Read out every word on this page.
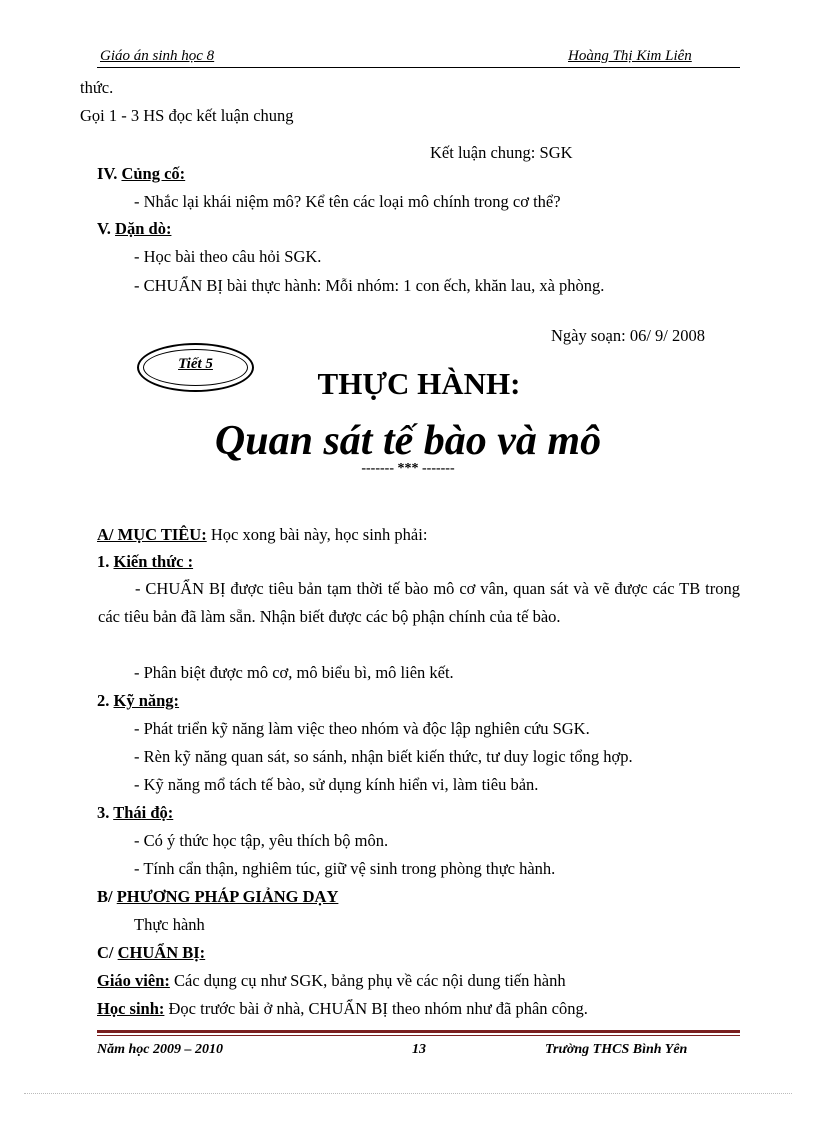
Giáo án sinh học 8	Hoàng Thị Kim Liên
thức.
Gọi 1 - 3 HS đọc kết luận chung
Kết luận chung: SGK
IV. Củng cố:
- Nhắc lại khái niệm mô? Kể tên các loại mô chính trong cơ thể?
V. Dặn dò:
- Học bài theo câu hỏi SGK.
- CHUẨN BỊ bài thực hành: Mỗi nhóm: 1 con ếch, khăn lau, xà phòng.
Ngày soạn: 06/ 9/ 2008
Tiết 5
THỰC HÀNH:
Quan sát tế bào và mô
------- *** -------
A/ MỤC TIÊU: Học xong bài này, học sinh phải:
1. Kiến thức :
- CHUẨN BỊ được tiêu bản tạm thời tế bào mô cơ vân, quan sát và vẽ được các TB trong các tiêu bản đã làm sẵn. Nhận biết được các bộ phận chính của tế bào.
- Phân biệt được mô cơ, mô biểu bì, mô liên kết.
2. Kỹ năng:
- Phát triển kỹ năng làm việc theo nhóm và độc lập nghiên cứu SGK.
- Rèn kỹ năng quan sát, so sánh, nhận biết kiến thức, tư duy logic tổng hợp.
- Kỹ năng mổ tách tế bào, sử dụng kính hiển vi, làm tiêu bản.
3. Thái độ:
- Có ý thức học tập, yêu thích bộ môn.
- Tính cẩn thận, nghiêm túc, giữ vệ sinh trong phòng thực hành.
B/ PHƯƠNG PHÁP GIẢNG DẠY
Thực hành
C/ CHUẨN BỊ:
Giáo viên: Các dụng cụ như SGK, bảng phụ về các nội dung tiến hành
Học sinh: Đọc trước bài ở nhà, CHUẨN BỊ theo nhóm như đã phân công.
Năm học 2009 – 2010	13	Trường THCS Bình Yên
